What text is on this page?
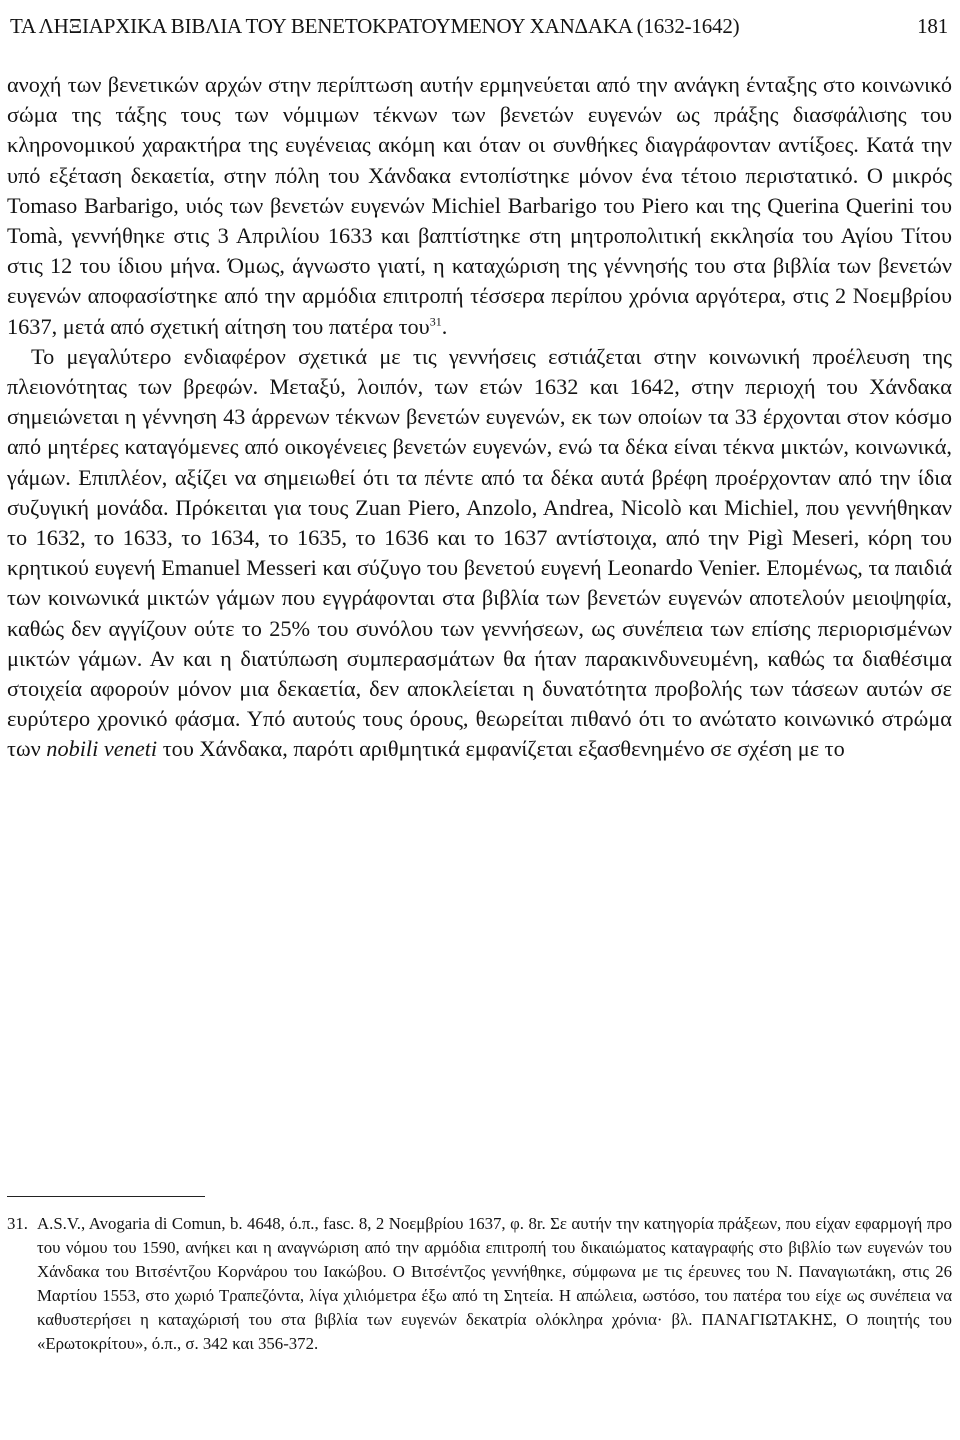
ΤΑ ΛΗΞΙΑΡΧΙΚΑ ΒΙΒΛΙΑ ΤΟΥ ΒΕΝΕΤΟΚΡΑΤΟΥΜΕΝΟΥ ΧΑΝΔΑΚΑ (1632-1642)	181

ανοχή των βενετικών αρχών στην περίπτωση αυτήν ερμηνεύεται από την ανάγκη ένταξης στο κοινωνικό σώμα της τάξης τους των νόμιμων τέκνων των βενετών ευγενών ως πράξης διασφάλισης του κληρονομικού χαρακτήρα της ευγένειας ακόμη και όταν οι συνθήκες διαγράφονταν αντίξοες. Κατά την υπό εξέταση δεκαετία, στην πόλη του Χάνδακα εντοπίστηκε μόνον ένα τέτοιο περιστατικό. Ο μικρός Tomaso Barbarigo, υιός των βενετών ευγενών Michiel Barbarigo του Piero και της Querina Querini του Tomà, γεννήθηκε στις 3 Απριλίου 1633 και βαπτίστηκε στη μητροπολιτική εκκλησία του Αγίου Τίτου στις 12 του ίδιου μήνα. Όμως, άγνωστο γιατί, η καταχώριση της γέννησής του στα βιβλία των βενετών ευγενών αποφασίστηκε από την αρμόδια επιτροπή τέσσερα περίπου χρόνια αργότερα, στις 2 Νοεμβρίου 1637, μετά από σχετική αίτηση του πατέρα του$^{31}$.

Το μεγαλύτερο ενδιαφέρον σχετικά με τις γεννήσεις εστιάζεται στην κοινωνική προέλευση της πλειονότητας των βρεφών. Μεταξύ, λοιπόν, των ετών 1632 και 1642, στην περιοχή του Χάνδακα σημειώνεται η γέννηση 43 άρρενων τέκνων βενετών ευγενών, εκ των οποίων τα 33 έρχονται στον κόσμο από μητέρες καταγόμενες από οικογένειες βενετών ευγενών, ενώ τα δέκα είναι τέκνα μικτών, κοινωνικά, γάμων. Επιπλέον, αξίζει να σημειωθεί ότι τα πέντε από τα δέκα αυτά βρέφη προέρχονταν από την ίδια συζυγική μονάδα. Πρόκειται για τους Zuan Piero, Anzolo, Andrea, Nicolò και Michiel, που γεννήθηκαν το 1632, το 1633, το 1634, το 1635, το 1636 και το 1637 αντίστοιχα, από την Pigì Meseri, κόρη του κρητικού ευγενή Emanuel Messeri και σύζυγο του βενετού ευγενή Leonardo Venier. Επομένως, τα παιδιά των κοινωνικά μικτών γάμων που εγγράφονται στα βιβλία των βενετών ευγενών αποτελούν μειοψηφία, καθώς δεν αγγίζουν ούτε το 25% του συνόλου των γεννήσεων, ως συνέπεια των επίσης περιορισμένων μικτών γάμων. Αν και η διατύπωση συμπερασμάτων θα ήταν παρακινδυνευμένη, καθώς τα διαθέσιμα στοιχεία αφορούν μόνον μια δεκαετία, δεν αποκλείεται η δυνατότητα προβολής των τάσεων αυτών σε ευρύτερο χρονικό φάσμα. Υπό αυτούς τους όρους, θεωρείται πιθανό ότι το ανώτατο κοινωνικό στρώμα των nobili veneti του Χάνδακα, παρότι αριθμητικά εμφανίζεται εξασθενημένο σε σχέση με το

31. A.S.V., Avogaria di Comun, b. 4648, ό.π., fasc. 8, 2 Νοεμβρίου 1637, φ. 8r. Σε αυτήν την κατηγορία πράξεων, που είχαν εφαρμογή προ του νόμου του 1590, ανήκει και η αναγνώριση από την αρμόδια επιτροπή του δικαιώματος καταγραφής στο βιβλίο των ευγενών του Χάνδακα του Βιτσέντζου Κορνάρου του Ιακώβου. Ο Βιτσέντζος γεννήθηκε, σύμφωνα με τις έρευνες του Ν. Παναγιωτάκη, στις 26 Μαρτίου 1553, στο χωριό Τραπεζόντα, λίγα χιλιόμετρα έξω από τη Σητεία. Η απώλεια, ωστόσο, του πατέρα του είχε ως συνέπεια να καθυστερήσει η καταχώρισή του στα βιβλία των ευγενών δεκατρία ολόκληρα χρόνια· βλ. ΠΑΝΑΓΙΩΤΑΚΗΣ, Ο ποιητής του «Ερωτοκρίτου», ό.π., σ. 342 και 356-372.
